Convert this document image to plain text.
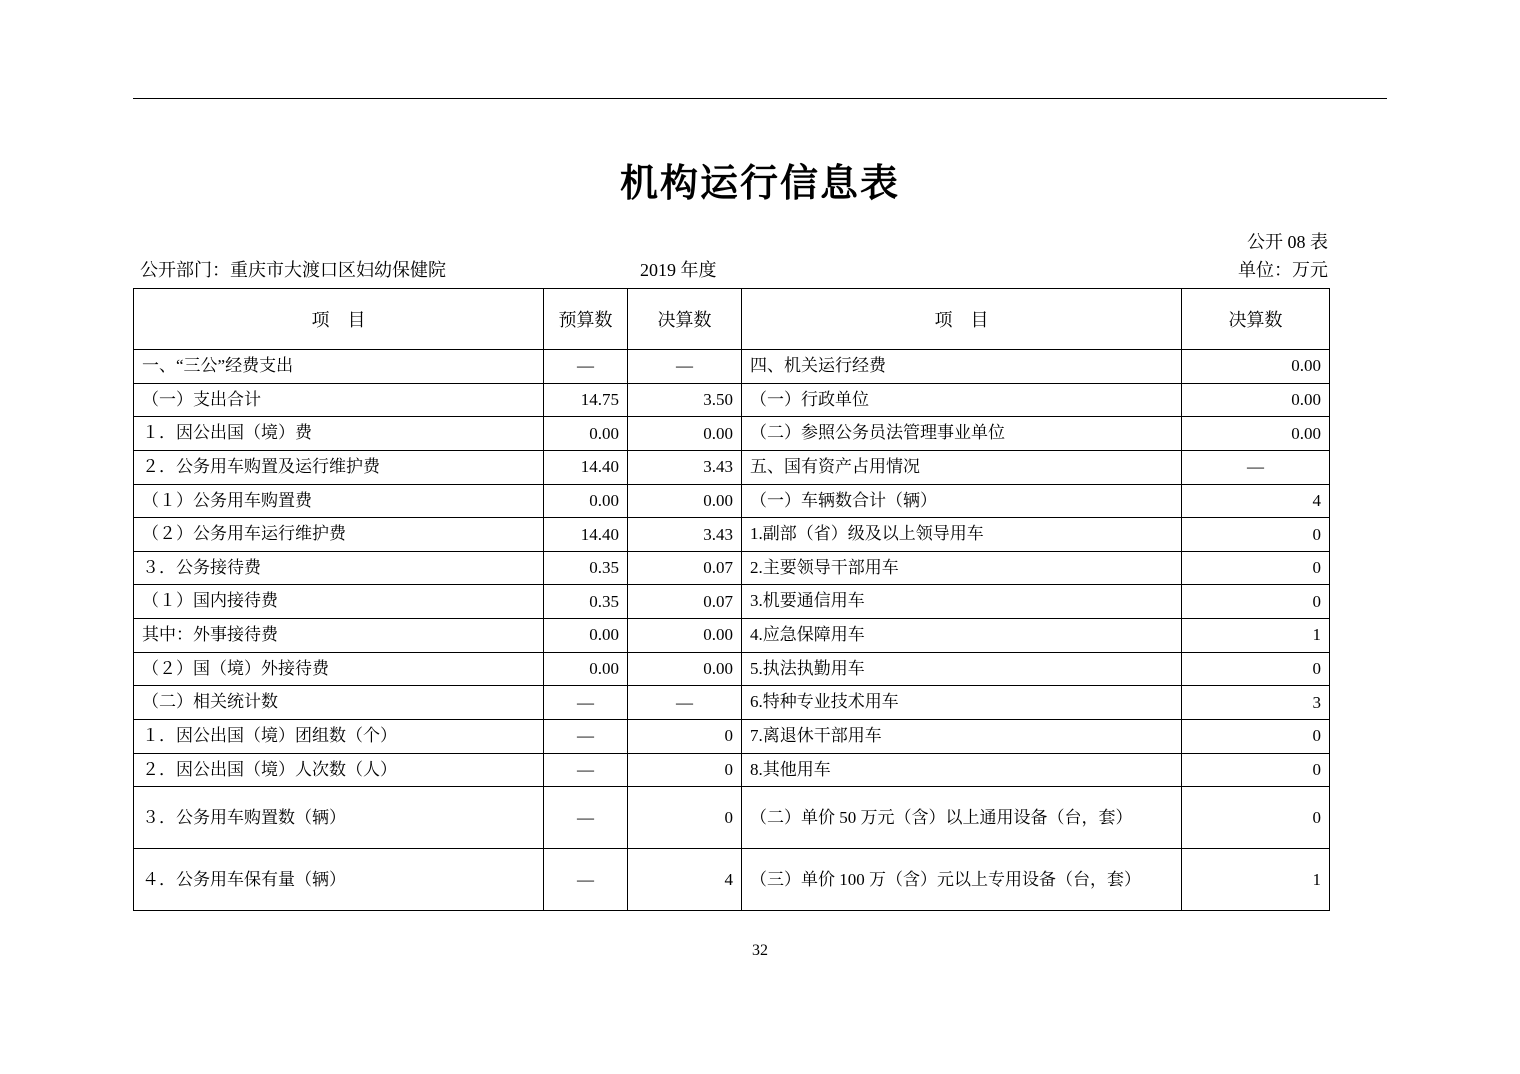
机构运行信息表
公开 08 表
单位：万元
公开部门：重庆市大渡口区妇幼保健院	2019 年度
项　目	预算数	决算数	项　目	决算数
一、“三公”经费支出	—	—	四、机关运行经费	0.00
（一）支出合计	14.75	3.50	（一）行政单位	0.00
１．因公出国（境）费	0.00	0.00	（二）参照公务员法管理事业单位	0.00
２．公务用车购置及运行维护费	14.40	3.43	五、国有资产占用情况	—
（１）公务用车购置费	0.00	0.00	（一）车辆数合计（辆）	4
（２）公务用车运行维护费	14.40	3.43	1.副部（省）级及以上领导用车	0
３．公务接待费	0.35	0.07	2.主要领导干部用车	0
（１）国内接待费	0.35	0.07	3.机要通信用车	0
其中：外事接待费	0.00	0.00	4.应急保障用车	1
（２）国（境）外接待费	0.00	0.00	5.执法执勤用车	0
（二）相关统计数	—	—	6.特种专业技术用车	3
１．因公出国（境）团组数（个）	—	0	7.离退休干部用车	0
２．因公出国（境）人次数（人）	—	0	8.其他用车	0
３．公务用车购置数（辆）	—	0	（二）单价 50 万元（含）以上通用设备（台，套）	0
４．公务用车保有量（辆）	—	4	（三）单价 100 万（含）元以上专用设备（台，套）	1
32
